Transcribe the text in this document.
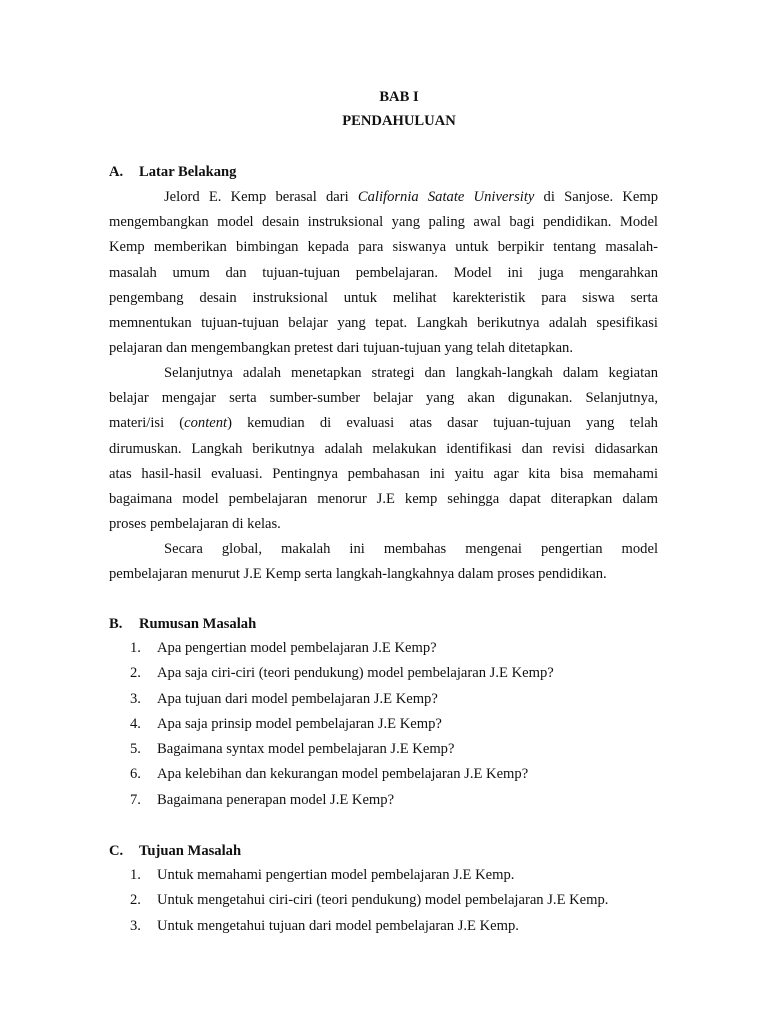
BAB I
PENDAHULUAN
A. Latar Belakang
Jelord E. Kemp berasal dari California Satate University di Sanjose. Kemp
mengembangkan model desain instruksional yang paling awal bagi pendidikan. Model
Kemp memberikan bimbingan kepada para siswanya untuk berpikir tentang masalah-
masalah umum dan tujuan-tujuan pembelajaran. Model ini juga mengarahkan
pengembang desain instruksional untuk melihat karekteristik para siswa serta
memnentukan tujuan-tujuan belajar yang tepat. Langkah berikutnya adalah spesifikasi
pelajaran dan mengembangkan pretest dari tujuan-tujuan yang telah ditetapkan.
Selanjutnya adalah menetapkan strategi dan langkah-langkah dalam kegiatan
belajar mengajar serta sumber-sumber belajar yang akan digunakan. Selanjutnya,
materi/isi (content) kemudian di evaluasi atas dasar tujuan-tujuan yang telah
dirumuskan. Langkah berikutnya adalah melakukan identifikasi dan revisi didasarkan
atas hasil-hasil evaluasi. Pentingnya pembahasan ini yaitu agar kita bisa memahami
bagaimana model pembelajaran menorur J.E kemp sehingga dapat diterapkan dalam
proses pembelajaran di kelas.
Secara global, makalah ini membahas mengenai pengertian model
pembelajaran menurut J.E Kemp serta langkah-langkahnya dalam proses pendidikan.
B. Rumusan Masalah
1. Apa pengertian model pembelajaran J.E Kemp?
2. Apa saja ciri-ciri (teori pendukung) model pembelajaran J.E Kemp?
3. Apa tujuan dari model pembelajaran J.E Kemp?
4. Apa saja prinsip model pembelajaran J.E Kemp?
5. Bagaimana syntax model pembelajaran J.E Kemp?
6. Apa kelebihan dan kekurangan model pembelajaran J.E Kemp?
7. Bagaimana penerapan model J.E Kemp?
C. Tujuan Masalah
1. Untuk memahami pengertian model pembelajaran J.E Kemp.
2. Untuk mengetahui ciri-ciri (teori pendukung) model pembelajaran J.E Kemp.
3. Untuk mengetahui tujuan dari model pembelajaran J.E Kemp.
